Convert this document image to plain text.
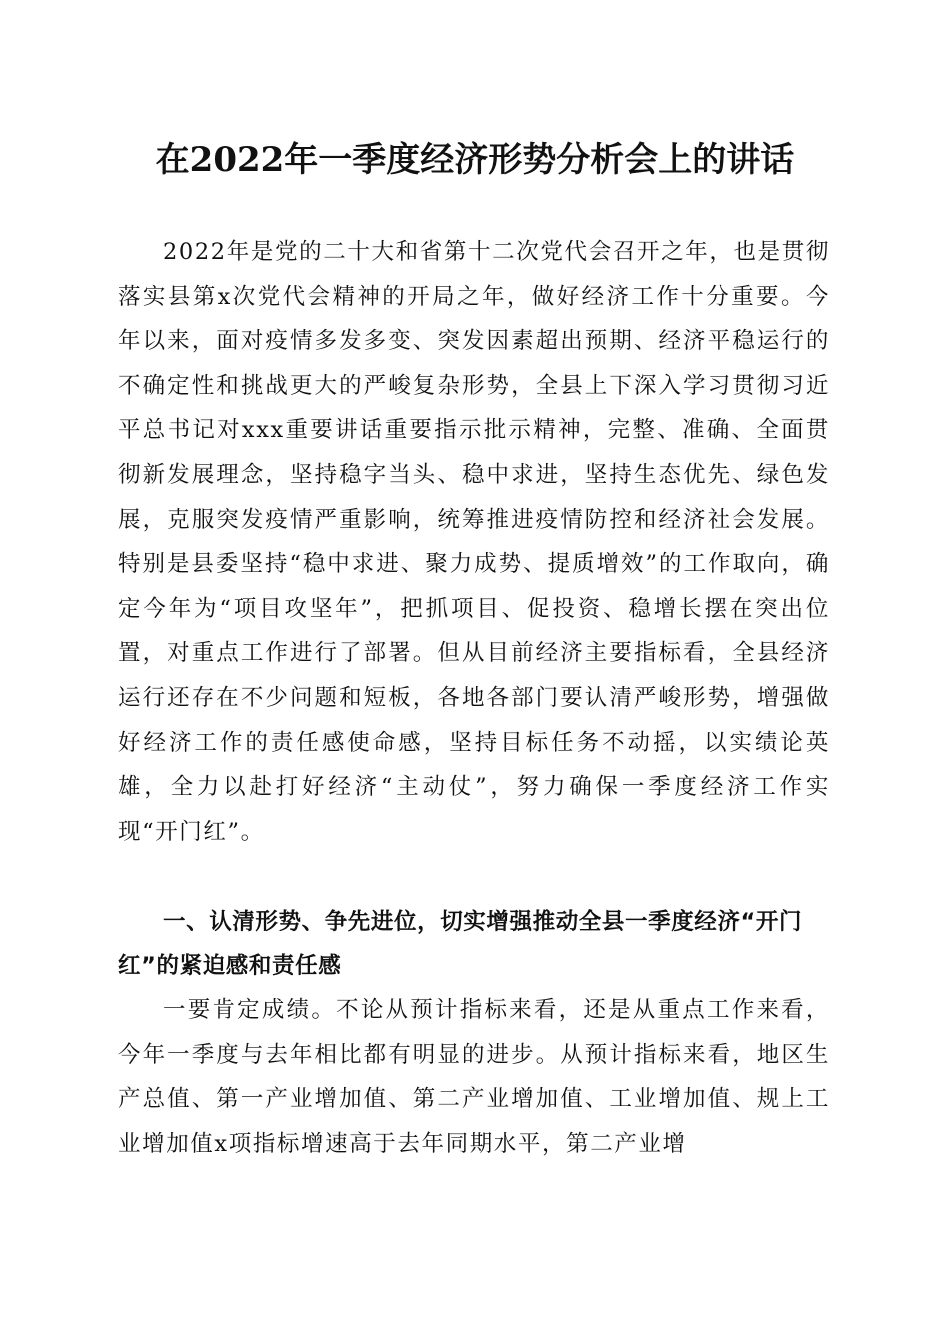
在2022年一季度经济形势分析会上的讲话

2022年是党的二十大和省第十二次党代会召开之年，也是贯彻落实县第x次党代会精神的开局之年，做好经济工作十分重要。今年以来，面对疫情多发多变、突发因素超出预期、经济平稳运行的不确定性和挑战更大的严峻复杂形势，全县上下深入学习贯彻习近平总书记对xxx重要讲话重要指示批示精神，完整、准确、全面贯彻新发展理念，坚持稳字当头、稳中求进，坚持生态优先、绿色发展，克服突发疫情严重影响，统筹推进疫情防控和经济社会发展。特别是县委坚持“稳中求进、聚力成势、提质增效”的工作取向，确定今年为“项目攻坚年”，把抓项目、促投资、稳增长摆在突出位置，对重点工作进行了部署。但从目前经济主要指标看，全县经济运行还存在不少问题和短板，各地各部门要认清严峻形势，增强做好经济工作的责任感使命感，坚持目标任务不动摇，以实绩论英雄，全力以赴打好经济“主动仗”，努力确保一季度经济工作实现“开门红”。

一、认清形势、争先进位，切实增强推动全县一季度经济“开门红”的紧迫感和责任感

一要肯定成绩。不论从预计指标来看，还是从重点工作来看，今年一季度与去年相比都有明显的进步。从预计指标来看，地区生产总值、第一产业增加值、第二产业增加值、工业增加值、规上工业增加值x项指标增速高于去年同期水平，第二产业增
